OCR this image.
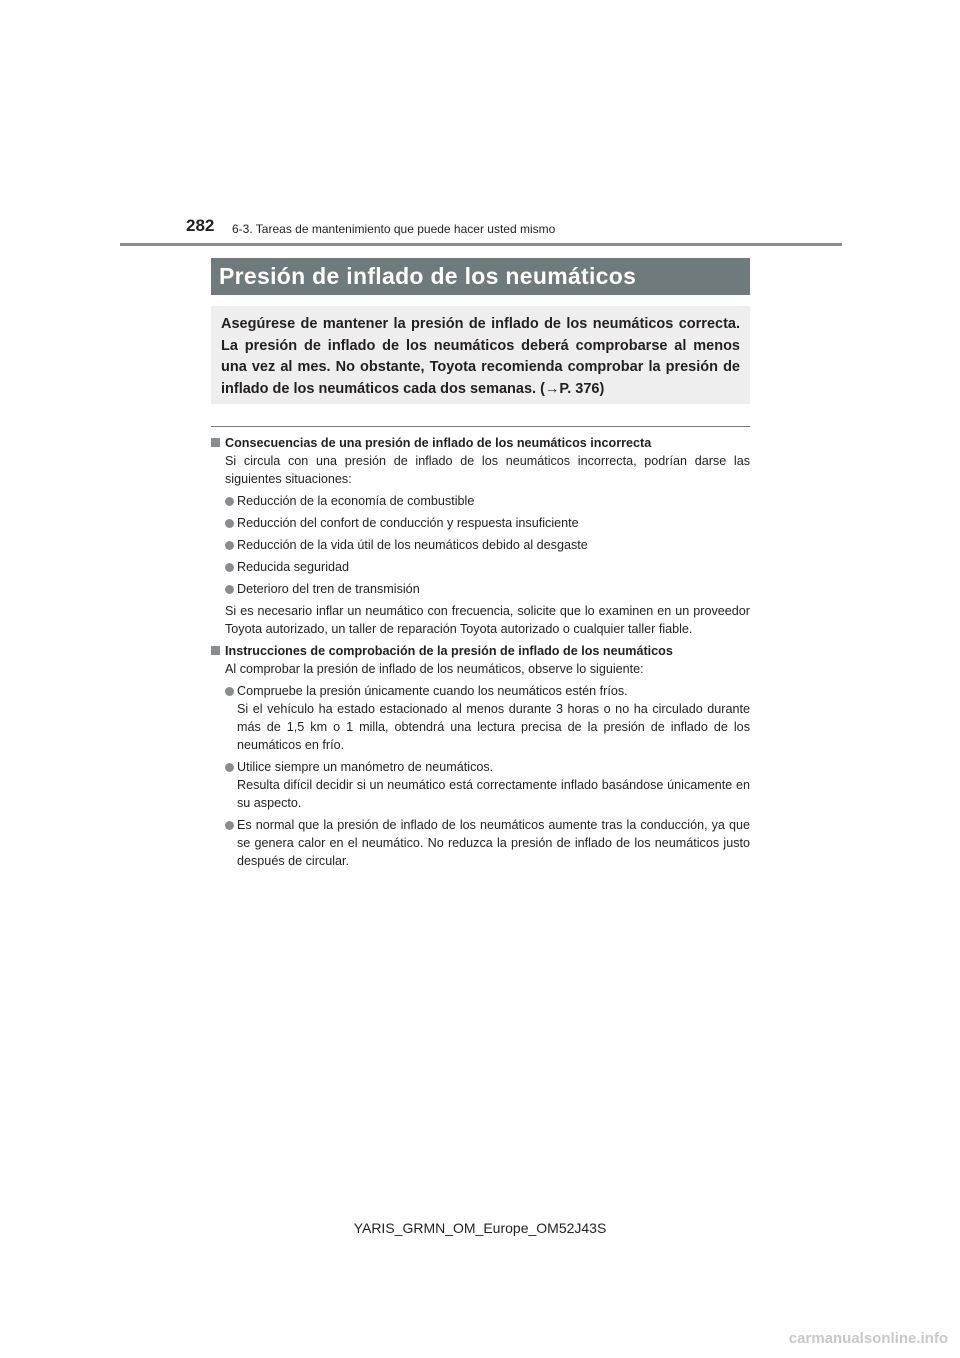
282 6-3. Tareas de mantenimiento que puede hacer usted mismo
Presión de inflado de los neumáticos

Asegúrese de mantener la presión de inflado de los neumáticos correcta. La presión de inflado de los neumáticos deberá comprobarse al menos una vez al mes. No obstante, Toyota recomienda comprobar la presión de inflado de los neumáticos cada dos semanas. (→P. 376)

Consecuencias de una presión de inflado de los neumáticos incorrecta

Si circula con una presión de inflado de los neumáticos incorrecta, podrían darse las siguientes situaciones:

Reducción de la economía de combustible
Reducción del confort de conducción y respuesta insuficiente
Reducción de la vida útil de los neumáticos debido al desgaste
Reducida seguridad
Deterioro del tren de transmisión

Si es necesario inflar un neumático con frecuencia, solicite que lo examinen en un proveedor Toyota autorizado, un taller de reparación Toyota autorizado o cualquier taller fiable.

Instrucciones de comprobación de la presión de inflado de los neumáticos

Al comprobar la presión de inflado de los neumáticos, observe lo siguiente:

Compruebe la presión únicamente cuando los neumáticos estén fríos.
Si el vehículo ha estado estacionado al menos durante 3 horas o no ha circulado durante más de 1,5 km o 1 milla, obtendrá una lectura precisa de la presión de inflado de los neumáticos en frío.
Utilice siempre un manómetro de neumáticos.
Resulta difícil decidir si un neumático está correctamente inflado basándose únicamente en su aspecto.
Es normal que la presión de inflado de los neumáticos aumente tras la conducción, ya que se genera calor en el neumático. No reduzca la presión de inflado de los neumáticos justo después de circular.
YARIS_GRMN_OM_Europe_OM52J43S
carmanualsonline.info
